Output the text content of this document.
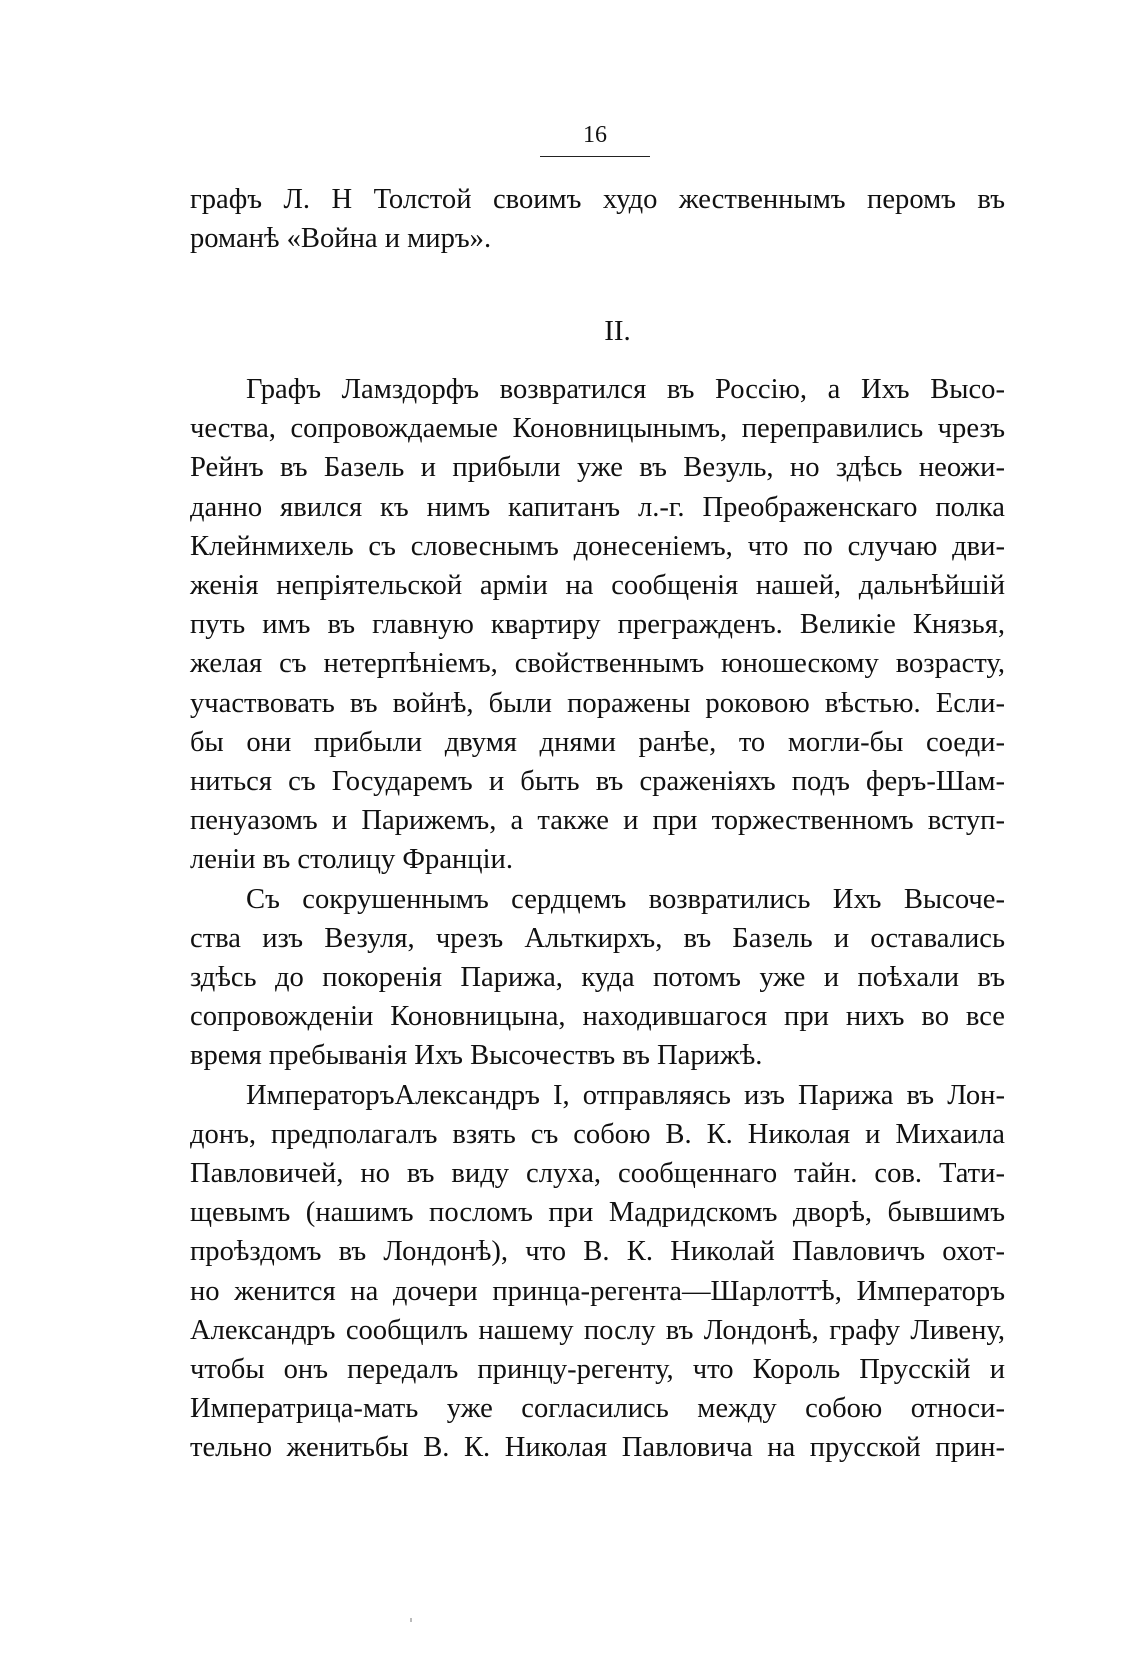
16
графъ Л. Н Толстой своимъ худо жественнымъ перомъ въ
романѣ «Война и миръ».
II.
Графъ Ламздорфъ возвратился въ Россію, а Ихъ Высо-
чества, сопровождаемые Коновницынымъ, переправились чрезъ
Рейнъ въ Базель и прибыли уже въ Везуль, но здѣсь неожи-
данно явился къ нимъ капитанъ л.-г. Преображенскаго полка
Клейнмихель съ словеснымъ донесеніемъ, что по случаю дви-
женія непріятельской арміи на сообщенія нашей, дальнѣйшій
путь имъ въ главную квартиру прегражденъ. Великіе Князья,
желая съ нетерпѣніемъ, свойственнымъ юношескому возрасту,
участвовать въ войнѣ, были поражены роковою вѣстью. Если-
бы они прибыли двумя днями ранѣе, то могли-бы соеди-
ниться съ Государемъ и быть въ сраженіяхъ подъ феръ-Шам-
пенуазомъ и Парижемъ, а также и при торжественномъ вступ-
леніи въ столицу Франціи.
Съ сокрушеннымъ сердцемъ возвратились Ихъ Высоче-
ства изъ Везуля, чрезъ Альткирхъ, въ Базель и оставались
здѣсь до покоренія Парижа, куда потомъ уже и поѣхали въ
сопровожденіи Коновницына, находившагося при нихъ во все
время пребыванія Ихъ Высочествъ въ Парижѣ.
ИмператоръАлександръ I, отправляясь изъ Парижа въ Лон-
донъ, предполагалъ взять съ собою В. К. Николая и Михаила
Павловичей, но въ виду слуха, сообщеннаго тайн. сов. Тати-
щевымъ (нашимъ посломъ при Мадридскомъ дворѣ, бывшимъ
проѣздомъ въ Лондонѣ), что В. К. Николай Павловичъ охот-
но женится на дочери принца-регента—Шарлоттѣ, Императоръ
Александръ сообщилъ нашему послу въ Лондонѣ, графу Ливену,
чтобы онъ передалъ принцу-регенту, что Король Прусскій и
Императрица-мать уже согласились между собою относи-
тельно женитьбы В. К. Николая Павловича на прусской прин-
